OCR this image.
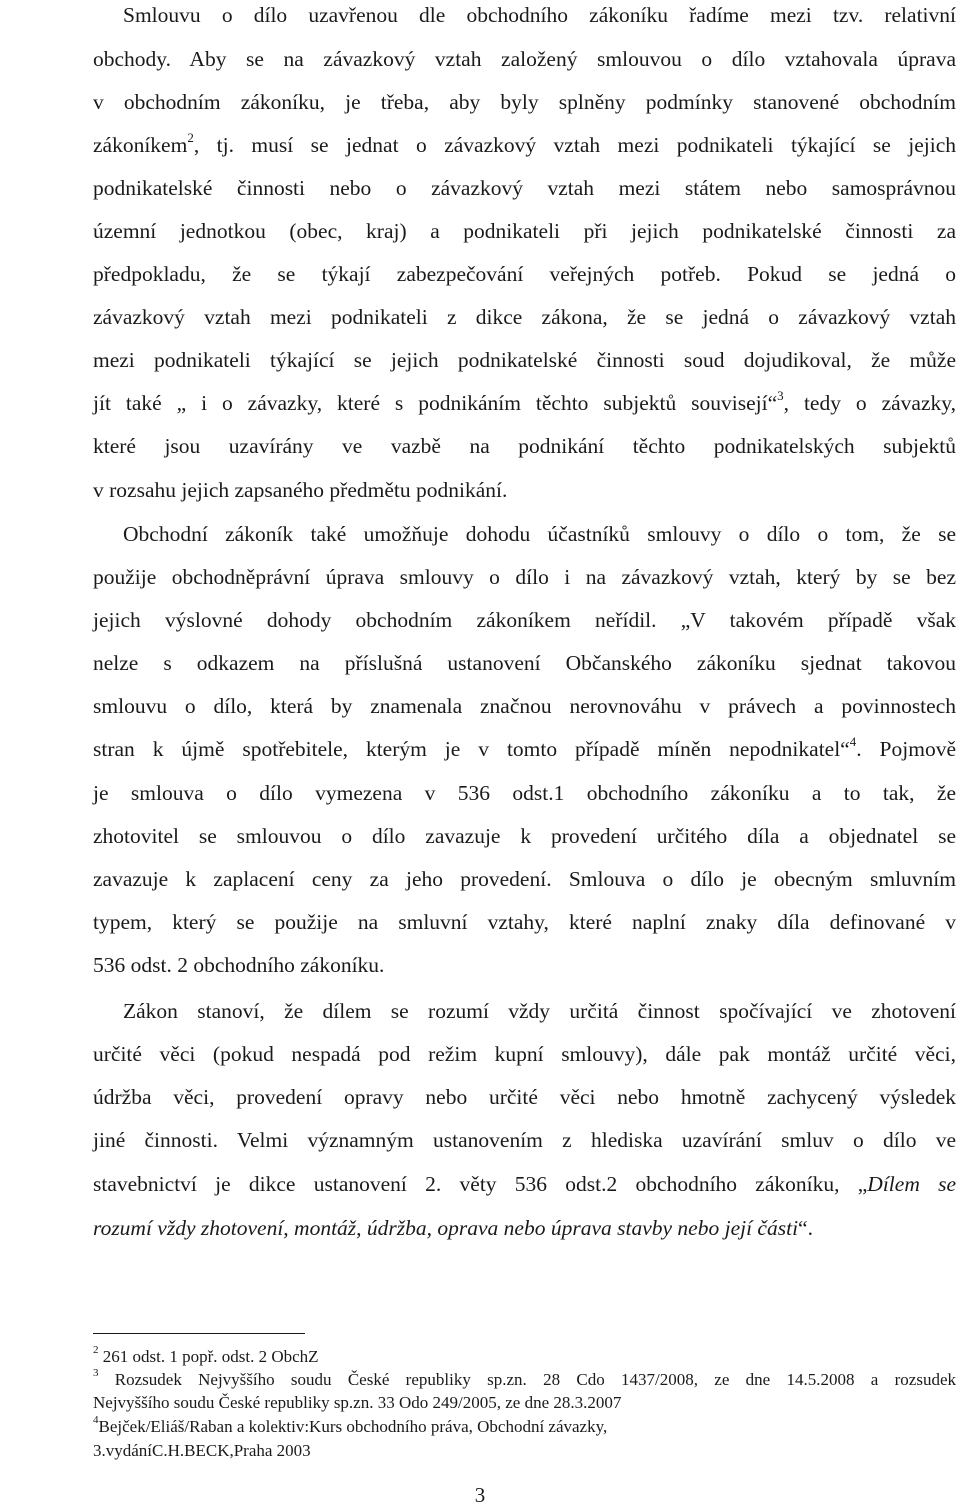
Smlouvu o dílo uzavřenou dle obchodního zákoníku řadíme mezi tzv. relativní
obchody. Aby se na závazkový vztah založený smlouvou o dílo vztahovala úprava
v obchodním zákoníku, je třeba, aby byly splněny podmínky stanovené obchodním
zákoníkem$^2$, tj. musí se jednat o závazkový vztah mezi podnikateli týkající se jejich
podnikatelské činnosti nebo o závazkový vztah mezi státem nebo samosprávnou
územní jednotkou (obec, kraj) a podnikateli při jejich podnikatelské činnosti za
předpokladu, že se týkají zabezpečování veřejných potřeb. Pokud se jedná o
závazkový vztah mezi podnikateli z dikce zákona, že se jedná o závazkový vztah
mezi podnikateli týkající se jejich podnikatelské činnosti soud dojudikoval, že může
jít také „ i o závazky, které s podnikáním těchto subjektů souvisejí“$^3$, tedy o závazky,
které jsou uzavírány ve vazbě na podnikání těchto podnikatelských subjektů
v rozsahu jejich zapsaného předmětu podnikání.
Obchodní zákoník také umožňuje dohodu účastníků smlouvy o dílo o tom, že se
použije obchodněprávní úprava smlouvy o dílo i na závazkový vztah, který by se bez
jejich výslovné dohody obchodním zákoníkem neřídil. „V takovém případě však
nelze s odkazem na příslušná ustanovení Občanského zákoníku sjednat takovou
smlouvu o dílo, která by znamenala značnou nerovnováhu v právech a povinnostech
stran k újmě spotřebitele, kterým je v tomto případě míněn nepodnikatel“$^4$. Pojmově
je smlouva o dílo vymezena v 536 odst.1 obchodního zákoníku a to tak, že
zhotovitel se smlouvou o dílo zavazuje k provedení určitého díla a objednatel se
zavazuje k zaplacení ceny za jeho provedení. Smlouva o dílo je obecným smluvním
typem, který se použije na smluvní vztahy, které naplní znaky díla definované v
536 odst. 2 obchodního zákoníku.
Zákon stanoví, že dílem se rozumí vždy určitá činnost spočívající ve zhotovení
určité věci (pokud nespadá pod režim kupní smlouvy), dále pak montáž určité věci,
údržba věci, provedení opravy nebo určité věci nebo hmotně zachycený výsledek
jiné činnosti. Velmi významným ustanovením z hlediska uzavírání smluv o dílo ve
stavebnictví je dikce ustanovení 2. věty 536 odst.2 obchodního zákoníku, „Dílem se
rozumí vždy zhotovení, montáž, údržba, oprava nebo úprava stavby nebo její části“.
$^2$ 261 odst. 1 popř. odst. 2 ObchZ
$^3$ Rozsudek Nejvyššího soudu České republiky sp.zn. 28 Cdo 1437/2008, ze dne 14.5.2008 a rozsudek
Nejvyššího soudu České republiky sp.zn. 33 Odo 249/2005, ze dne 28.3.2007
$^4$Bejček/Eliáš/Raban a kolektiv:Kurs obchodního práva, Obchodní závazky,
3.vydáníC.H.BECK,Praha 2003
3
